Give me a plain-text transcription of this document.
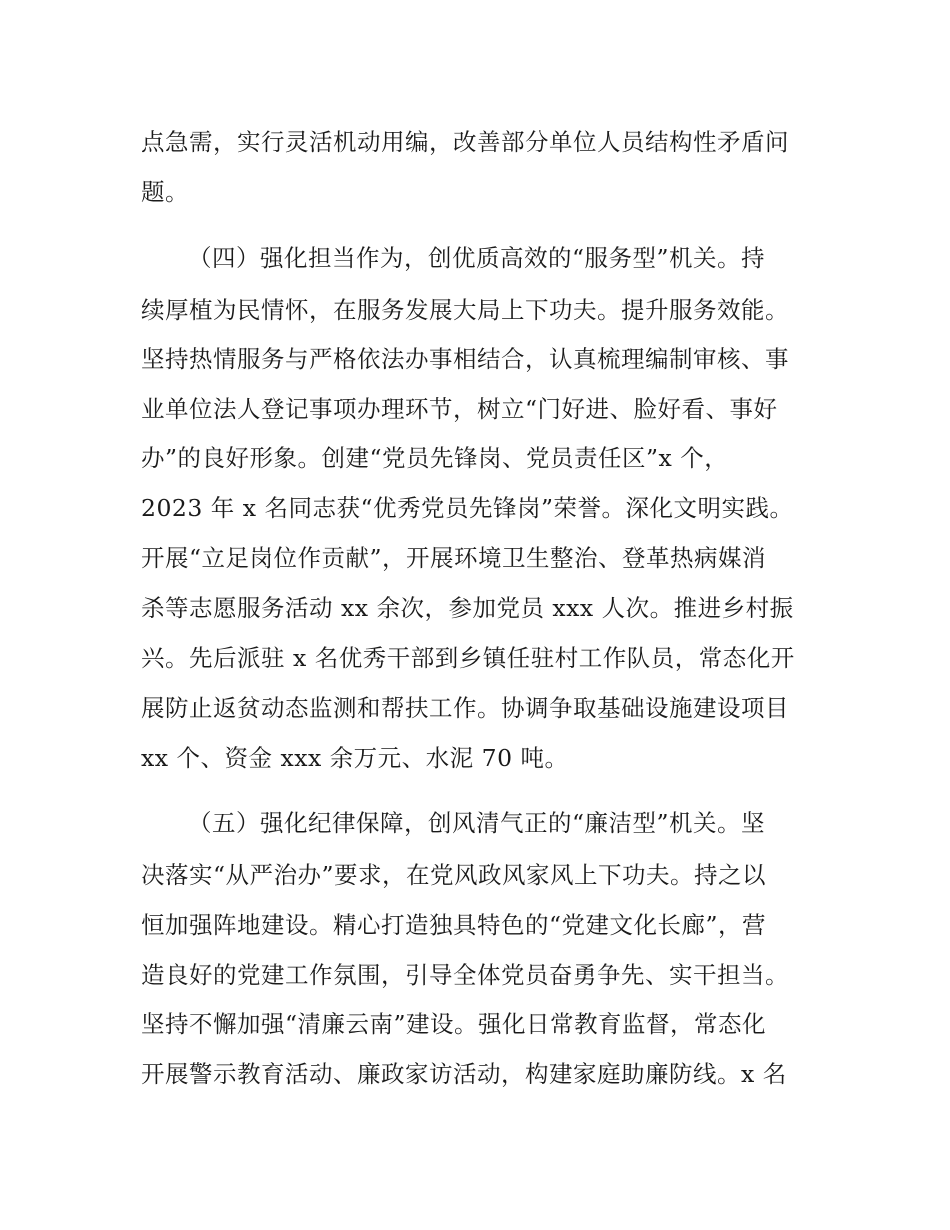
点急需，实行灵活机动用编，改善部分单位人员结构性矛盾问
题。
（四）强化担当作为，创优质高效的“服务型”机关。持
续厚植为民情怀，在服务发展大局上下功夫。提升服务效能。
坚持热情服务与严格依法办事相结合，认真梳理编制审核、事
业单位法人登记事项办理环节，树立“门好进、脸好看、事好
办”的良好形象。创建“党员先锋岗、党员责任区”x 个，
2023 年 x 名同志获“优秀党员先锋岗”荣誉。深化文明实践。
开展“立足岗位作贡献”，开展环境卫生整治、登革热病媒消
杀等志愿服务活动 xx 余次，参加党员 xxx 人次。推进乡村振
兴。先后派驻 x 名优秀干部到乡镇任驻村工作队员，常态化开
展防止返贫动态监测和帮扶工作。协调争取基础设施建设项目
xx 个、资金 xxx 余万元、水泥 70 吨。
（五）强化纪律保障，创风清气正的“廉洁型”机关。坚
决落实“从严治办”要求，在党风政风家风上下功夫。持之以
恒加强阵地建设。精心打造独具特色的“党建文化长廊”，营
造良好的党建工作氛围，引导全体党员奋勇争先、实干担当。
坚持不懈加强“清廉云南”建设。强化日常教育监督，常态化
开展警示教育活动、廉政家访活动，构建家庭助廉防线。x 名
